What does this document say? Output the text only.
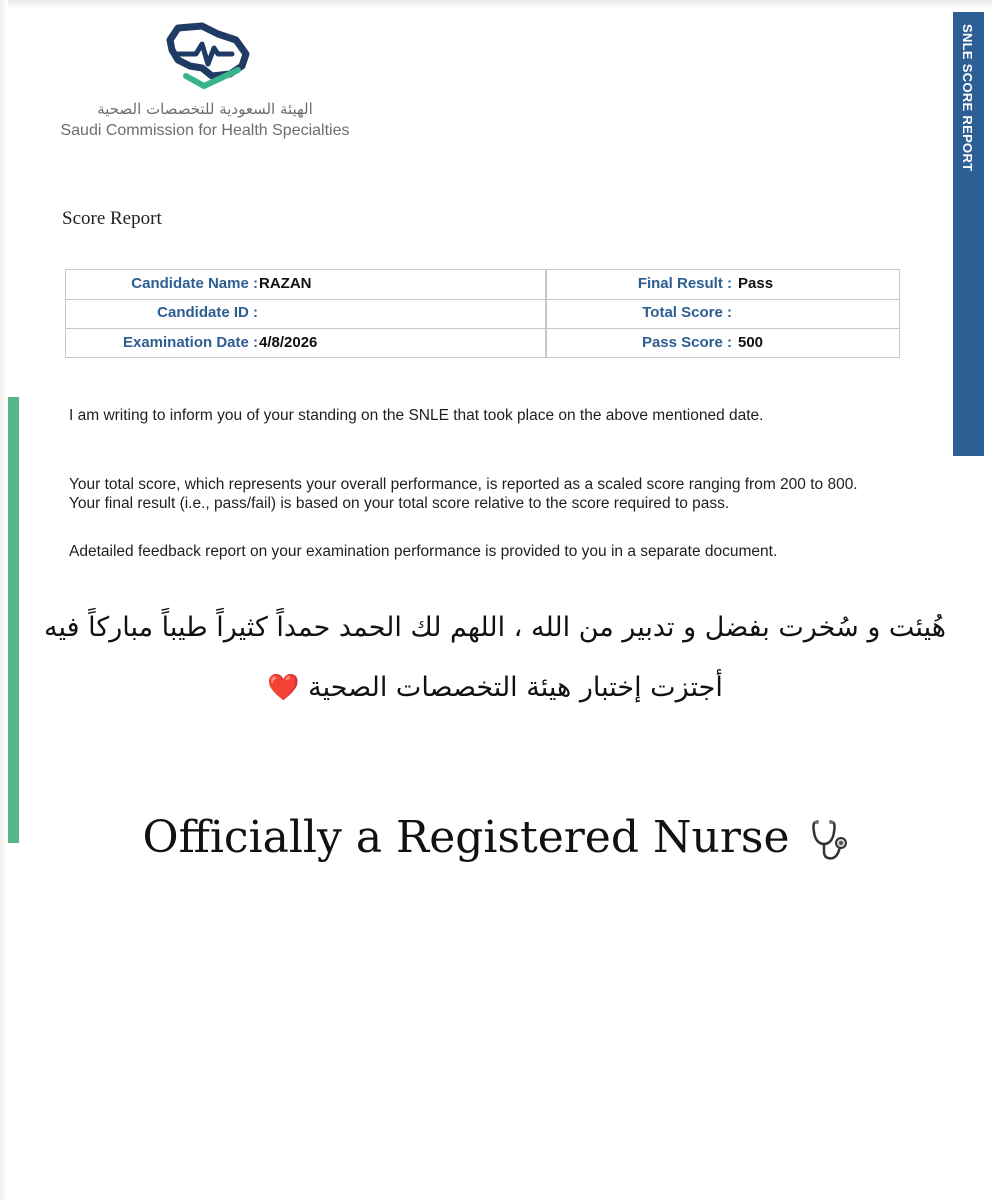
الهيئة السعودية للتخصصات الصحية
Saudi Commission for Health Specialties	SNLE SCORE REPORT
Score Report
Candidate Name : RAZAN	Final Result : Pass
Candidate ID :	Total Score :
Examination Date : 4/8/2026	Pass Score : 500
I am writing to inform you of your standing on the SNLE that took place on the above mentioned date.
Your total score, which represents your overall performance, is reported as a scaled score ranging from 200 to 800. Your final result (i.e., pass/fail) is based on your total score relative to the score required to pass.
Adetailed feedback report on your examination performance is provided to you in a separate document.
هُيئت و سُخرت بفضل و تدبير من الله ، اللهم لك الحمد حمداً كثيراً طيباً مباركاً فيه
أجتزت إختبار هيئة التخصصات الصحية ❤️
Officially a Registered Nurse
